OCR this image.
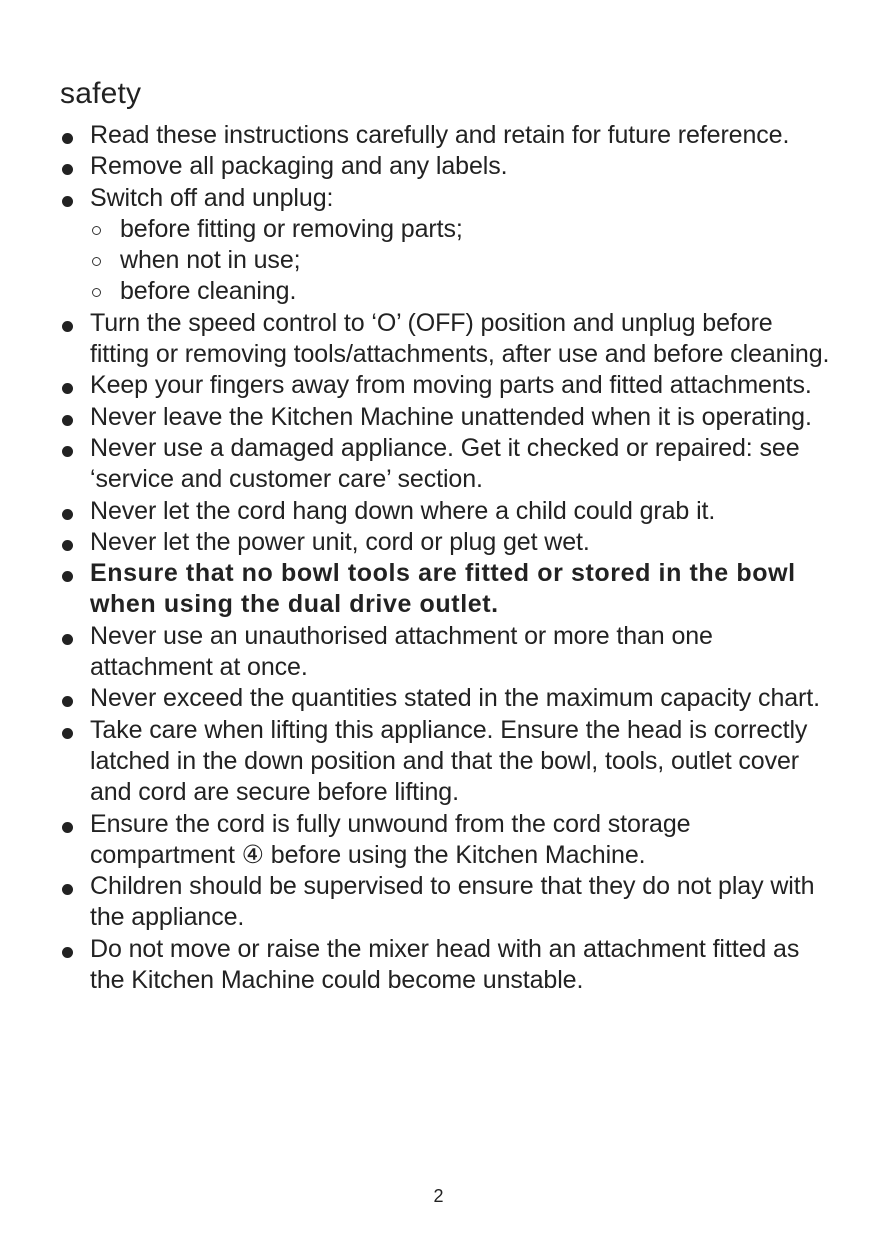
safety
Read these instructions carefully and retain for future reference.
Remove all packaging and any labels.
Switch off and unplug:
before fitting or removing parts;
when not in use;
before cleaning.
Turn the speed control to ‘O’ (OFF) position and unplug before fitting or removing tools/attachments, after use and before cleaning.
Keep your fingers away from moving parts and fitted attachments.
Never leave the Kitchen Machine unattended when it is operating.
Never use a damaged appliance. Get it checked or repaired: see ‘service and customer care’ section.
Never let the cord hang down where a child could grab it.
Never let the power unit, cord or plug get wet.
Ensure that no bowl tools are fitted or stored in the bowl when using the dual drive outlet.
Never use an unauthorised attachment or more than one attachment at once.
Never exceed the quantities stated in the maximum capacity chart.
Take care when lifting this appliance. Ensure the head is correctly latched in the down position and that the bowl, tools, outlet cover and cord are secure before lifting.
Ensure the cord is fully unwound from the cord storage compartment ④ before using the Kitchen Machine.
Children should be supervised to ensure that they do not play with the appliance.
Do not move or raise the mixer head with an attachment fitted as the Kitchen Machine could become unstable.
2
